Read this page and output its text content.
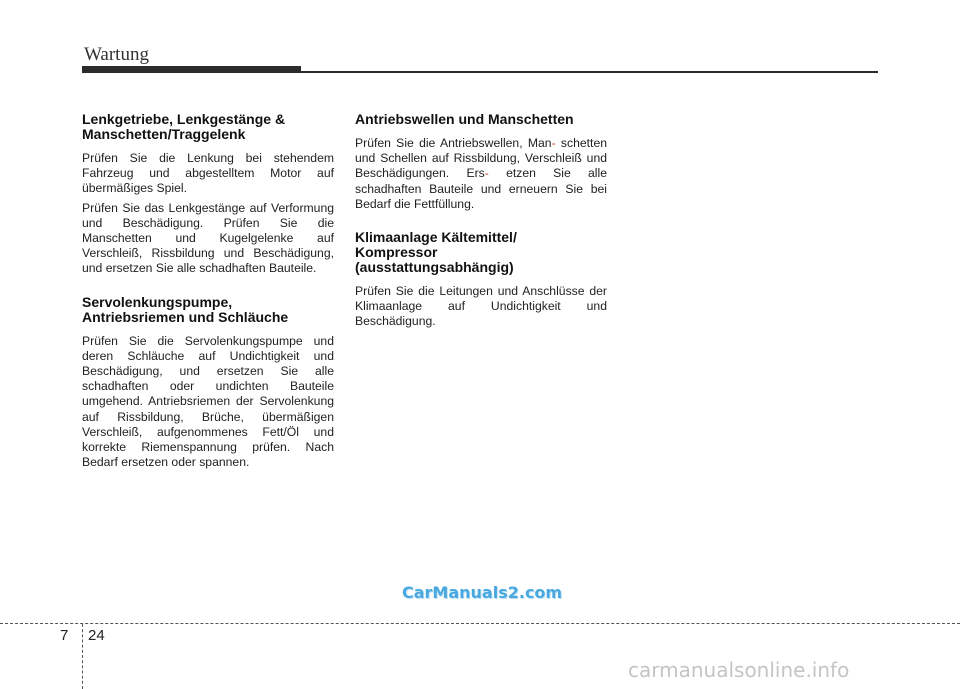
Wartung
Lenkgetriebe, Lenkgestänge &
Manschetten/Traggelenk

Prüfen Sie die Lenkung bei stehendem Fahrzeug und abgestelltem Motor auf übermäßiges Spiel.

Prüfen Sie das Lenkgestänge auf Verformung und Beschädigung. Prüfen Sie die Manschetten und Kugelgelenke auf Verschleiß, Rissbildung und Beschädigung, und ersetzen Sie alle schadhaften Bauteile.

Servolenkungspumpe,
Antriebsriemen und Schläuche

Prüfen Sie die Servolenkungspumpe und deren Schläuche auf Undichtigkeit und Beschädigung, und ersetzen Sie alle schadhaften oder undichten Bauteile umgehend. Antriebsriemen der Servolenkung auf Rissbildung, Brüche, übermäßigen Verschleiß, aufgenommenes Fett/Öl und korrekte Riemenspannung prüfen. Nach Bedarf ersetzen oder spannen.

Antriebswellen und Manschetten

Prüfen Sie die Antriebswellen, Man- schetten und Schellen auf Rissbildung, Verschleiß und Beschädigungen. Ers- etzen Sie alle schadhaften Bauteile und erneuern Sie bei Bedarf die Fettfüllung.

Klimaanlage Kältemittel/
Kompressor
(ausstattungsabhängig)

Prüfen Sie die Leitungen und Anschlüsse der Klimaanlage auf Undichtigkeit und Beschädigung.

CarManuals2.com
7 24
carmanualsonline.info
